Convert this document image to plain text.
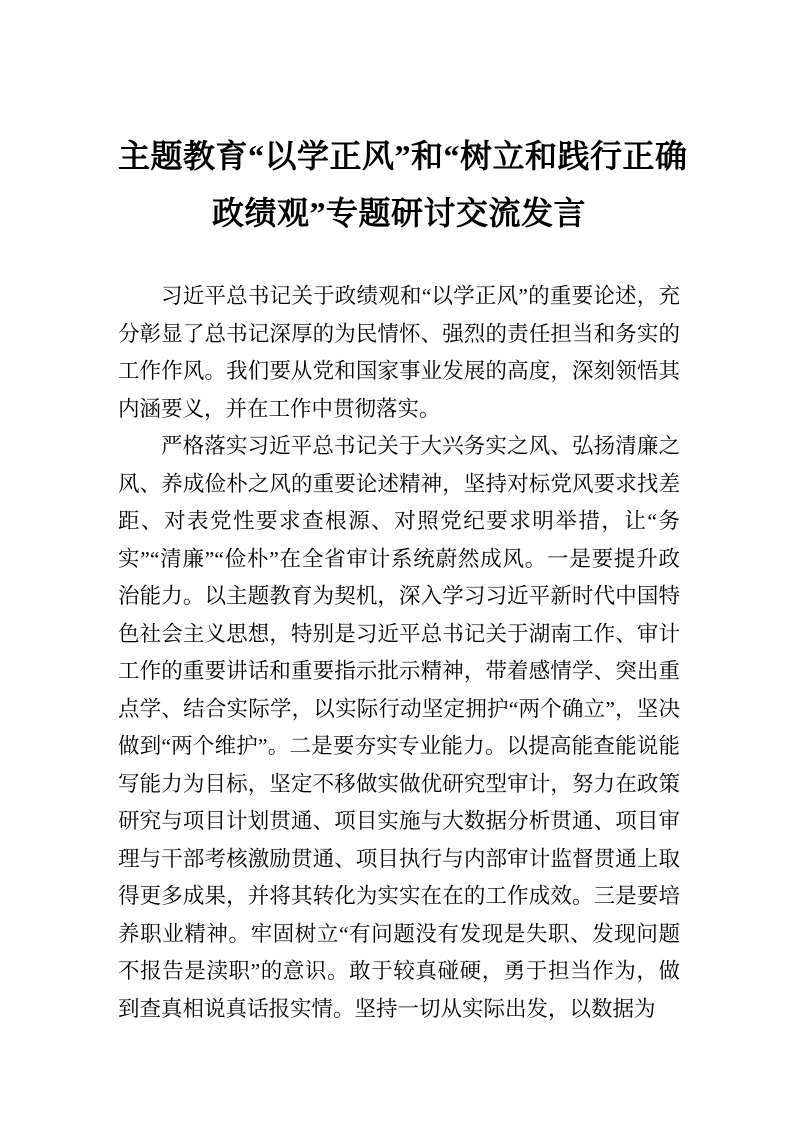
主题教育“以学正风”和“树立和践行正确
政绩观”专题研讨交流发言

习近平总书记关于政绩观和“以学正风”的重要论述，充分彰显了总书记深厚的为民情怀、强烈的责任担当和务实的工作作风。我们要从党和国家事业发展的高度，深刻领悟其内涵要义，并在工作中贯彻落实。

严格落实习近平总书记关于大兴务实之风、弘扬清廉之风、养成俭朴之风的重要论述精神，坚持对标党风要求找差距、对表党性要求查根源、对照党纪要求明举措，让“务实”“清廉”“俭朴”在全省审计系统蔚然成风。一是要提升政治能力。以主题教育为契机，深入学习习近平新时代中国特色社会主义思想，特别是习近平总书记关于湖南工作、审计工作的重要讲话和重要指示批示精神，带着感情学、突出重点学、结合实际学，以实际行动坚定拥护“两个确立”，坚决做到“两个维护”。二是要夯实专业能力。以提高能查能说能写能力为目标，坚定不移做实做优研究型审计，努力在政策研究与项目计划贯通、项目实施与大数据分析贯通、项目审理与干部考核激励贯通、项目执行与内部审计监督贯通上取得更多成果，并将其转化为实实在在的工作成效。三是要培养职业精神。牢固树立“有问题没有发现是失职、发现问题不报告是渎职”的意识。敢于较真碰硬，勇于担当作为，做到查真相说真话报实情。坚持一切从实际出发，以数据为
